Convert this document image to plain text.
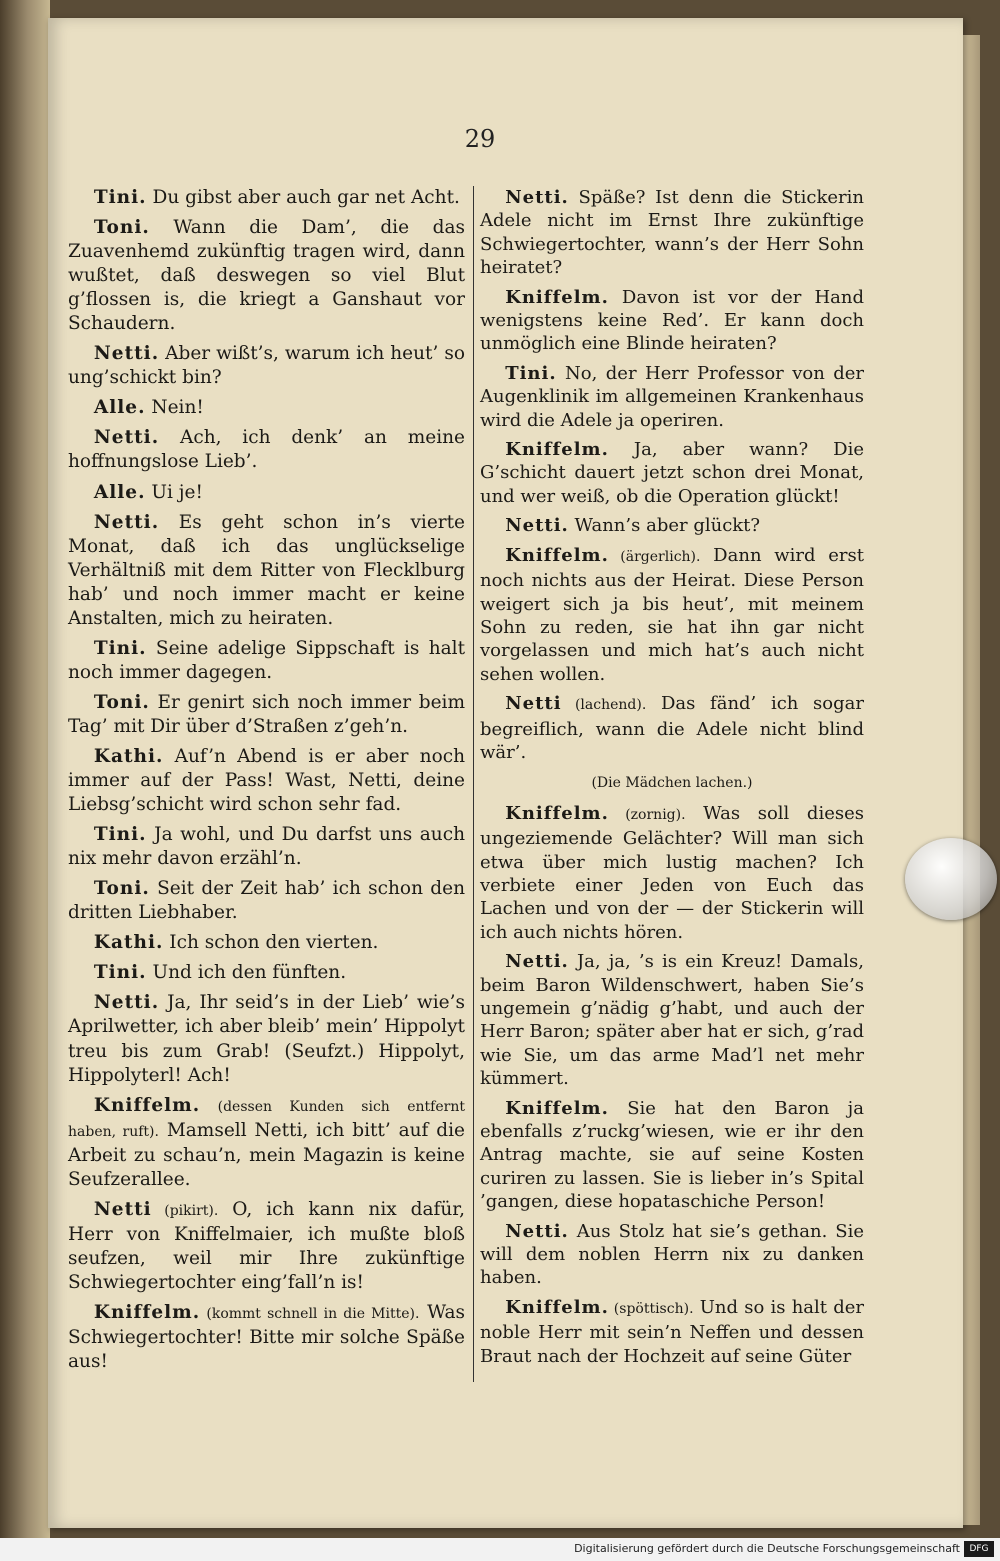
29

Tini. Du gibst aber auch gar net Acht.

Toni. Wann die Dam’, die das Zuavenhemd zukünftig tragen wird, dann wußtet, daß deswegen so viel Blut g’flossen is, die kriegt a Ganshaut vor Schaudern.

Netti. Aber wißt’s, warum ich heut’ so ung’schickt bin?

Alle. Nein!

Netti. Ach, ich denk’ an meine hoffnungslose Lieb’.

Alle. Ui je!

Netti. Es geht schon in’s vierte Monat, daß ich das unglückselige Verhältniß mit dem Ritter von Flecklburg hab’ und noch immer macht er keine Anstalten, mich zu heiraten.

Tini. Seine adelige Sippschaft is halt noch immer dagegen.

Toni. Er genirt sich noch immer beim Tag’ mit Dir über d’Straßen z’geh’n.

Kathi. Auf’n Abend is er aber noch immer auf der Pass! Wast, Netti, deine Liebsg’schicht wird schon sehr fad.

Tini. Ja wohl, und Du darfst uns auch nix mehr davon erzähl’n.

Toni. Seit der Zeit hab’ ich schon den dritten Liebhaber.

Kathi. Ich schon den vierten.

Tini. Und ich den fünften.

Netti. Ja, Ihr seid’s in der Lieb’ wie’s Aprilwetter, ich aber bleib’ mein’ Hippolyt treu bis zum Grab! (Seufzt.) Hippolyt, Hippolyterl! Ach!

Kniffelm. (dessen Kunden sich entfernt haben, ruft). Mamsell Netti, ich bitt’ auf die Arbeit zu schau’n, mein Magazin is keine Seufzerallee.

Netti (pikirt). O, ich kann nix dafür, Herr von Kniffelmaier, ich mußte bloß seufzen, weil mir Ihre zukünftige Schwiegertochter eing’fall’n is!

Kniffelm. (kommt schnell in die Mitte). Was Schwiegertochter! Bitte mir solche Späße aus!

Netti. Späße? Ist denn die Stickerin Adele nicht im Ernst Ihre zukünftige Schwiegertochter, wann’s der Herr Sohn heiratet?

Kniffelm. Davon ist vor der Hand wenigstens keine Red’. Er kann doch unmöglich eine Blinde heiraten?

Tini. No, der Herr Professor von der Augenklinik im allgemeinen Krankenhaus wird die Adele ja operiren.

Kniffelm. Ja, aber wann? Die G’schicht dauert jetzt schon drei Monat, und wer weiß, ob die Operation glückt!

Netti. Wann’s aber glückt?

Kniffelm. (ärgerlich). Dann wird erst noch nichts aus der Heirat. Diese Person weigert sich ja bis heut’, mit meinem Sohn zu reden, sie hat ihn gar nicht vorgelassen und mich hat’s auch nicht sehen wollen.

Netti (lachend). Das fänd’ ich sogar begreiflich, wann die Adele nicht blind wär’.

(Die Mädchen lachen.)

Kniffelm. (zornig). Was soll dieses ungeziemende Gelächter? Will man sich etwa über mich lustig machen? Ich verbiete einer Jeden von Euch das Lachen und von der — der Stickerin will ich auch nichts hören.

Netti. Ja, ja, ’s is ein Kreuz! Damals, beim Baron Wildenschwert, haben Sie’s ungemein g’nädig g’habt, und auch der Herr Baron; später aber hat er sich, g’rad wie Sie, um das arme Mad’l net mehr kümmert.

Kniffelm. Sie hat den Baron ja ebenfalls z’ruckg’wiesen, wie er ihr den Antrag machte, sie auf seine Kosten curiren zu lassen. Sie is lieber in’s Spital ’gangen, diese hopataschiche Person!

Netti. Aus Stolz hat sie’s gethan. Sie will dem noblen Herrn nix zu danken haben.

Kniffelm. (spöttisch). Und so is halt der noble Herr mit sein’n Neffen und dessen Braut nach der Hochzeit auf seine Güter

Digitalisierung gefördert durch die Deutsche Forschungsgemeinschaft	DFG
